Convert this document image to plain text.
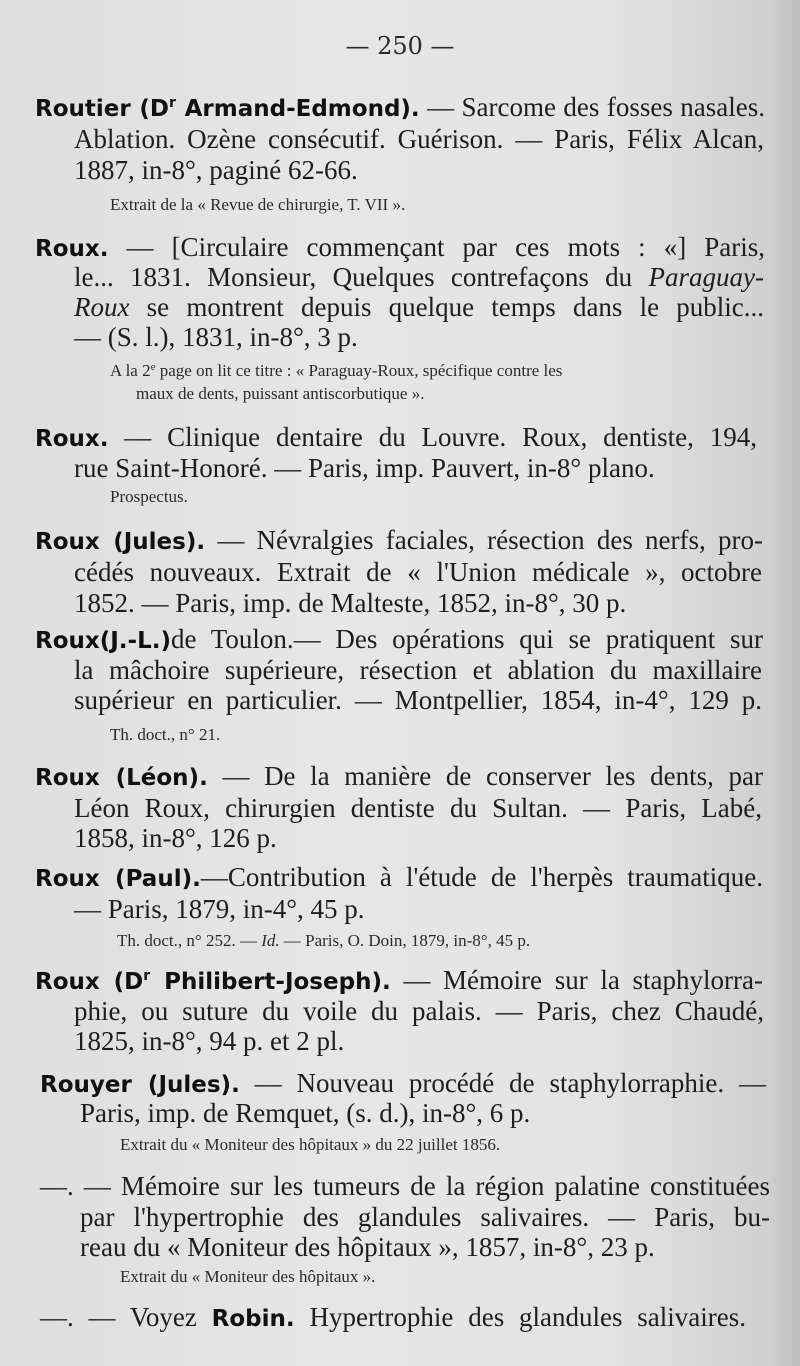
— 250 —
Routier ($D^r$ Armand-Edmond). — Sarcome des fosses nasales.
Ablation. Ozène consécutif. Guérison. — Paris, Félix Alcan,
1887, in-8°, paginé 62-66.
Extrait de la « Revue de chirurgie, T. VII ».
Roux. — [Circulaire commençant par ces mots : «] Paris,
le... 1831. Monsieur, Quelques contrefaçons du Paraguay-
Roux se montrent depuis quelque temps dans le public...
— (S. l.), 1831, in-8°, 3 p.
A la 2e page on lit ce titre : « Paraguay-Roux, spécifique contre les
maux de dents, puissant antiscorbutique ».
Roux. — Clinique dentaire du Louvre. Roux, dentiste, 194,
rue Saint-Honoré. — Paris, imp. Pauvert, in-8° plano.
Prospectus.
Roux (Jules). — Névralgies faciales, résection des nerfs, pro-
cédés nouveaux. Extrait de « l'Union médicale », octobre
1852. — Paris, imp. de Malteste, 1852, in-8°, 30 p.
Roux(J.-L.)de Toulon.— Des opérations qui se pratiquent sur
la mâchoire supérieure, résection et ablation du maxillaire
supérieur en particulier. — Montpellier, 1854, in-4°, 129 p.
Th. doct., n° 21.
Roux (Léon). — De la manière de conserver les dents, par
Léon Roux, chirurgien dentiste du Sultan. — Paris, Labé,
1858, in-8°, 126 p.
Roux (Paul).—Contribution à l'étude de l'herpès traumatique.
— Paris, 1879, in-4°, 45 p.
Th. doct., n° 252. — Id. — Paris, O. Doin, 1879, in-8°, 45 p.
Roux ($D^r$ Philibert-Joseph). — Mémoire sur la staphylorra-
phie, ou suture du voile du palais. — Paris, chez Chaudé,
1825, in-8°, 94 p. et 2 pl.
Rouyer (Jules). — Nouveau procédé de staphylorraphie. —
Paris, imp. de Remquet, (s. d.), in-8°, 6 p.
Extrait du « Moniteur des hôpitaux » du 22 juillet 1856.
—. — Mémoire sur les tumeurs de la région palatine constituées
par l'hypertrophie des glandules salivaires. — Paris, bu-
reau du « Moniteur des hôpitaux », 1857, in-8°, 23 p.
Extrait du « Moniteur des hôpitaux ».
—. — Voyez Robin. Hypertrophie des glandules salivaires.
